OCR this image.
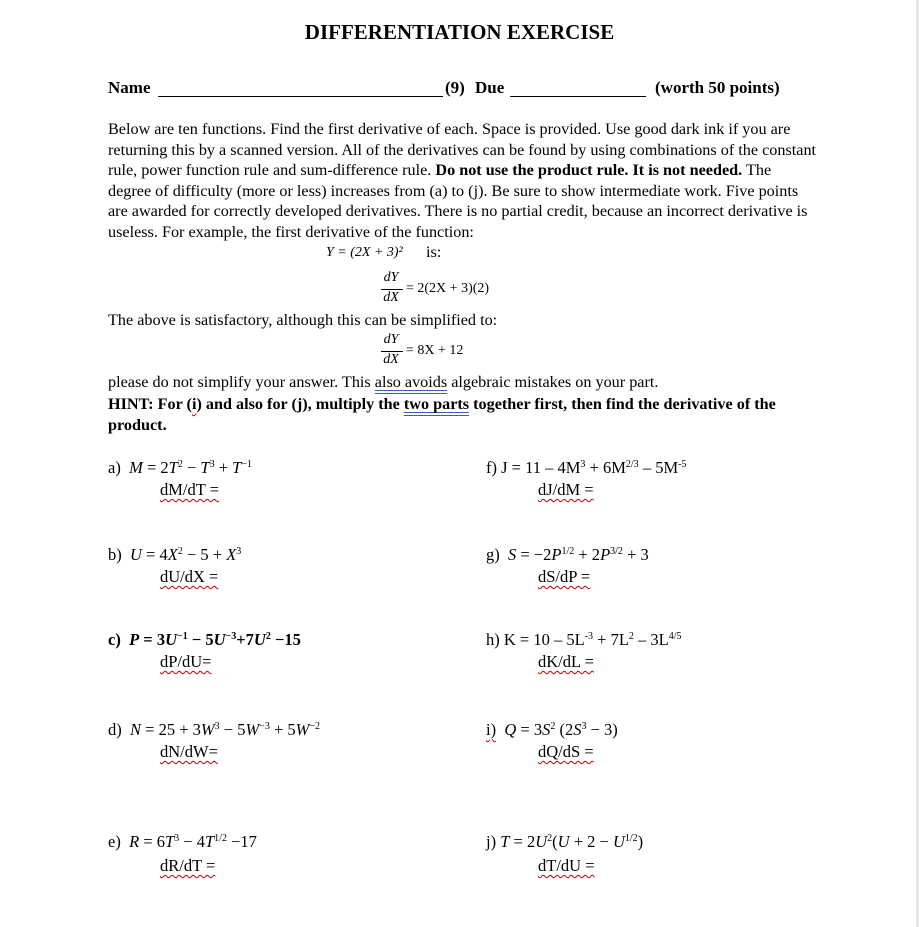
DIFFERENTIATION EXERCISE
Name	(9) Due	(worth 50 points)
Below are ten functions. Find the first derivative of each. Space is provided. Use good dark ink if you are returning this by a scanned version. All of the derivatives can be found by using combinations of the constant rule, power function rule and sum-difference rule. Do not use the product rule. It is not needed. The degree of difficulty (more or less) increases from (a) to (j). Be sure to show intermediate work. Five points are awarded for correctly developed derivatives. There is no partial credit, because an incorrect derivative is useless. For example, the first derivative of the function:
Y = (2X + 3)² is:
dY
dX
= 2(2X + 3)(2)
The above is satisfactory, although this can be simplified to:
dY
dX
= 8X + 12
please do not simplify your answer. This also avoids algebraic mistakes on your part.
HINT: For (i) and also for (j), multiply the two parts together first, then find the derivative of the product.
a) $M = 2T^2 - T^3 + T^{-1}$
dM/dT =
b) $U = 4X^2 - 5 + X^3$
dU/dX =
c) $P = 3U^{-1} - 5U^{-3}+7U^2 -15$
dP/dU=
d) $N = 25 + 3W^3 - 5W^{-3} + 5W^{-2}$
dN/dW=
e) $R = 6T^3 - 4T^{1/2} -17$
dR/dT =
f) $J = 11 - 4M^3 + 6M^{2/3} - 5M^{-5}$
dJ/dM =
g) $S = -2P^{1/2} + 2P^{3/2} + 3$
dS/dP =
h) $K = 10 - 5L^{-3} + 7L^2 - 3L^{4/5}$
dK/dL =
i) $Q = 3S^2$ $(2S^3 - 3)$
dQ/dS =
j) $T = 2U^2(U + 2 - U^{1/2})$
dT/dU =
